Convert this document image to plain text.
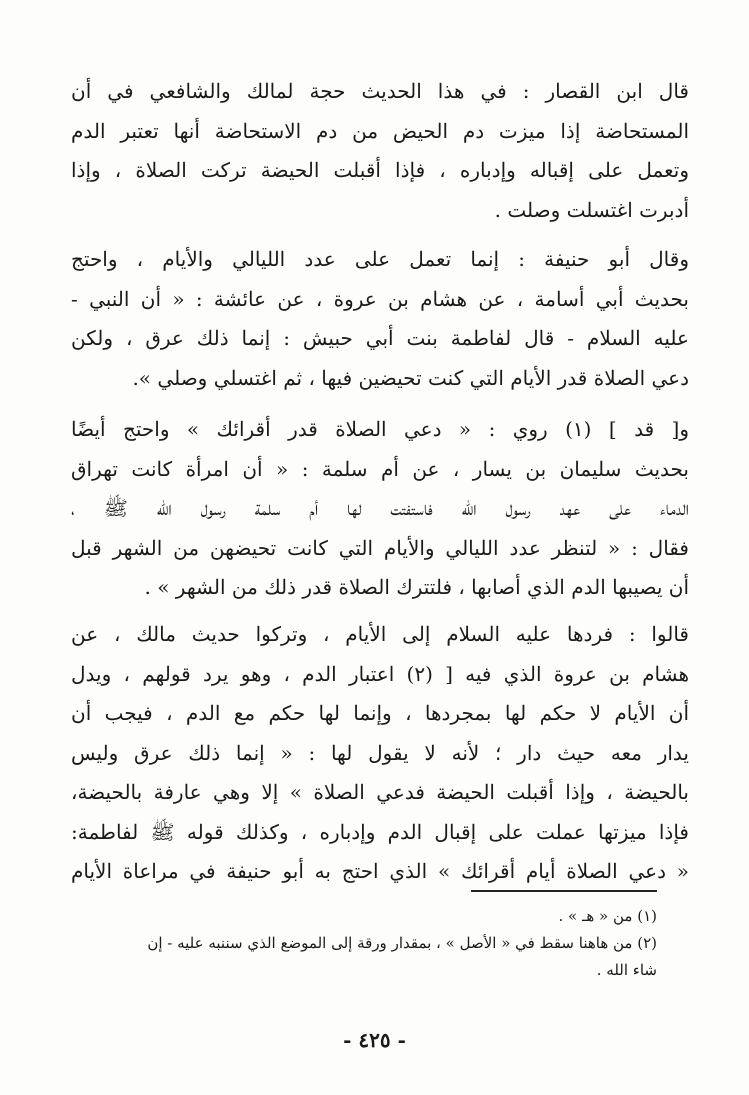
قال ابن القصار : في هذا الحديث حجة لمالك والشافعي في أن
المستحاضة إذا ميزت دم الحيض من دم الاستحاضة أنها تعتبر الدم
وتعمل على إقباله وإدباره ، فإذا أقبلت الحيضة تركت الصلاة ، وإذا
أدبرت اغتسلت وصلت .
وقال أبو حنيفة : إنما تعمل على عدد الليالي والأيام ، واحتج
بحديث أبي أسامة ، عن هشام بن عروة ، عن عائشة : « أن النبي -
عليه السلام - قال لفاطمة بنت أبي حبيش : إنما ذلك عرق ، ولكن
دعي الصلاة قدر الأيام التي كنت تحيضين فيها ، ثم اغتسلي وصلي ».
و[ قد ] (١) روي : « دعي الصلاة قدر أقرائك » واحتج أيضًا
بحديث سليمان بن يسار ، عن أم سلمة : « أن امرأة كانت تهراق
الدماء على عهد رسول الله فاستفتت لها أم سلمة رسول الله ﷺ ،
فقال : « لتنظر عدد الليالي والأيام التي كانت تحيضهن من الشهر قبل
أن يصيبها الدم الذي أصابها ، فلتترك الصلاة قدر ذلك من الشهر » .
قالوا : فردها عليه السلام إلى الأيام ، وتركوا حديث مالك ، عن
هشام بن عروة الذي فيه [ (٢) اعتبار الدم ، وهو يرد قولهم ، ويدل
أن الأيام لا حكم لها بمجردها ، وإنما لها حكم مع الدم ، فيجب أن
يدار معه حيث دار ؛ لأنه لا يقول لها : « إنما ذلك عرق وليس
بالحيضة ، وإذا أقبلت الحيضة فدعي الصلاة » إلا وهي عارفة بالحيضة،
فإذا ميزتها عملت على إقبال الدم وإدباره ، وكذلك قوله ﷺ لفاطمة:
« دعي الصلاة أيام أقرائك » الذي احتج به أبو حنيفة في مراعاة الأيام
(١) من « هـ » .
(٢) من هاهنا سقط في « الأصل » ، بمقدار ورقة إلى الموضع الذي سننبه عليه - إن
شاء الله .
- ٤٢٥ -
